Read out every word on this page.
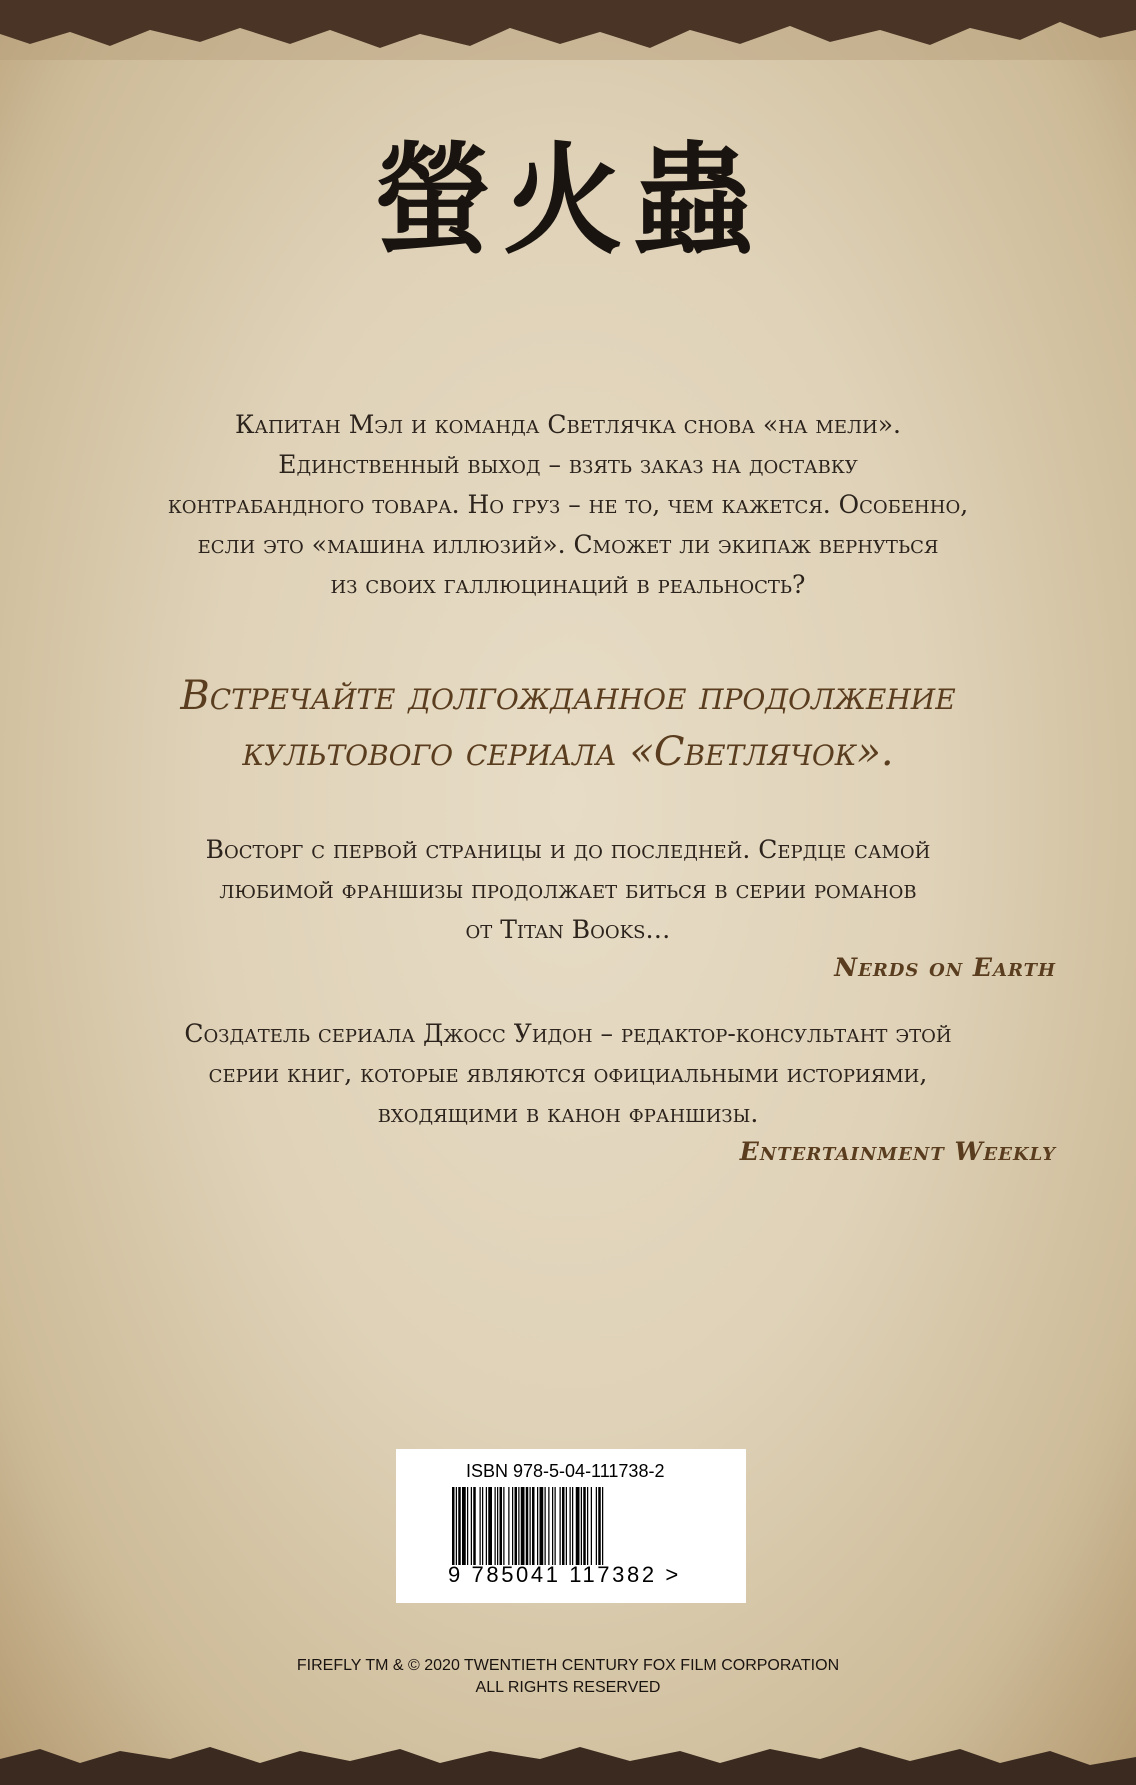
螢火蟲
Капитан Мэл и команда Светлячка снова «на мели».
Единственный выход – взять заказ на доставку
контрабандного товара. Но груз – не то, чем кажется. Особенно,
если это «машина иллюзий». Сможет ли экипаж вернуться
из своих галлюцинаций в реальность?
Встречайте долгожданное продолжение
культового сериала «Светлячок».
Восторг с первой страницы и до последней. Сердце самой
любимой франшизы продолжает биться в серии романов
от Titan Books…
Nerds on Earth
Создатель сериала Джосс Уидон – редактор-консультант этой
серии книг, которые являются официальными историями,
входящими в канон франшизы.
Entertainment Weekly
ISBN 978-5-04-111738-2
9 785041 117382 >
FIREFLY TM & © 2020 TWENTIETH CENTURY FOX FILM CORPORATION
ALL RIGHTS RESERVED
